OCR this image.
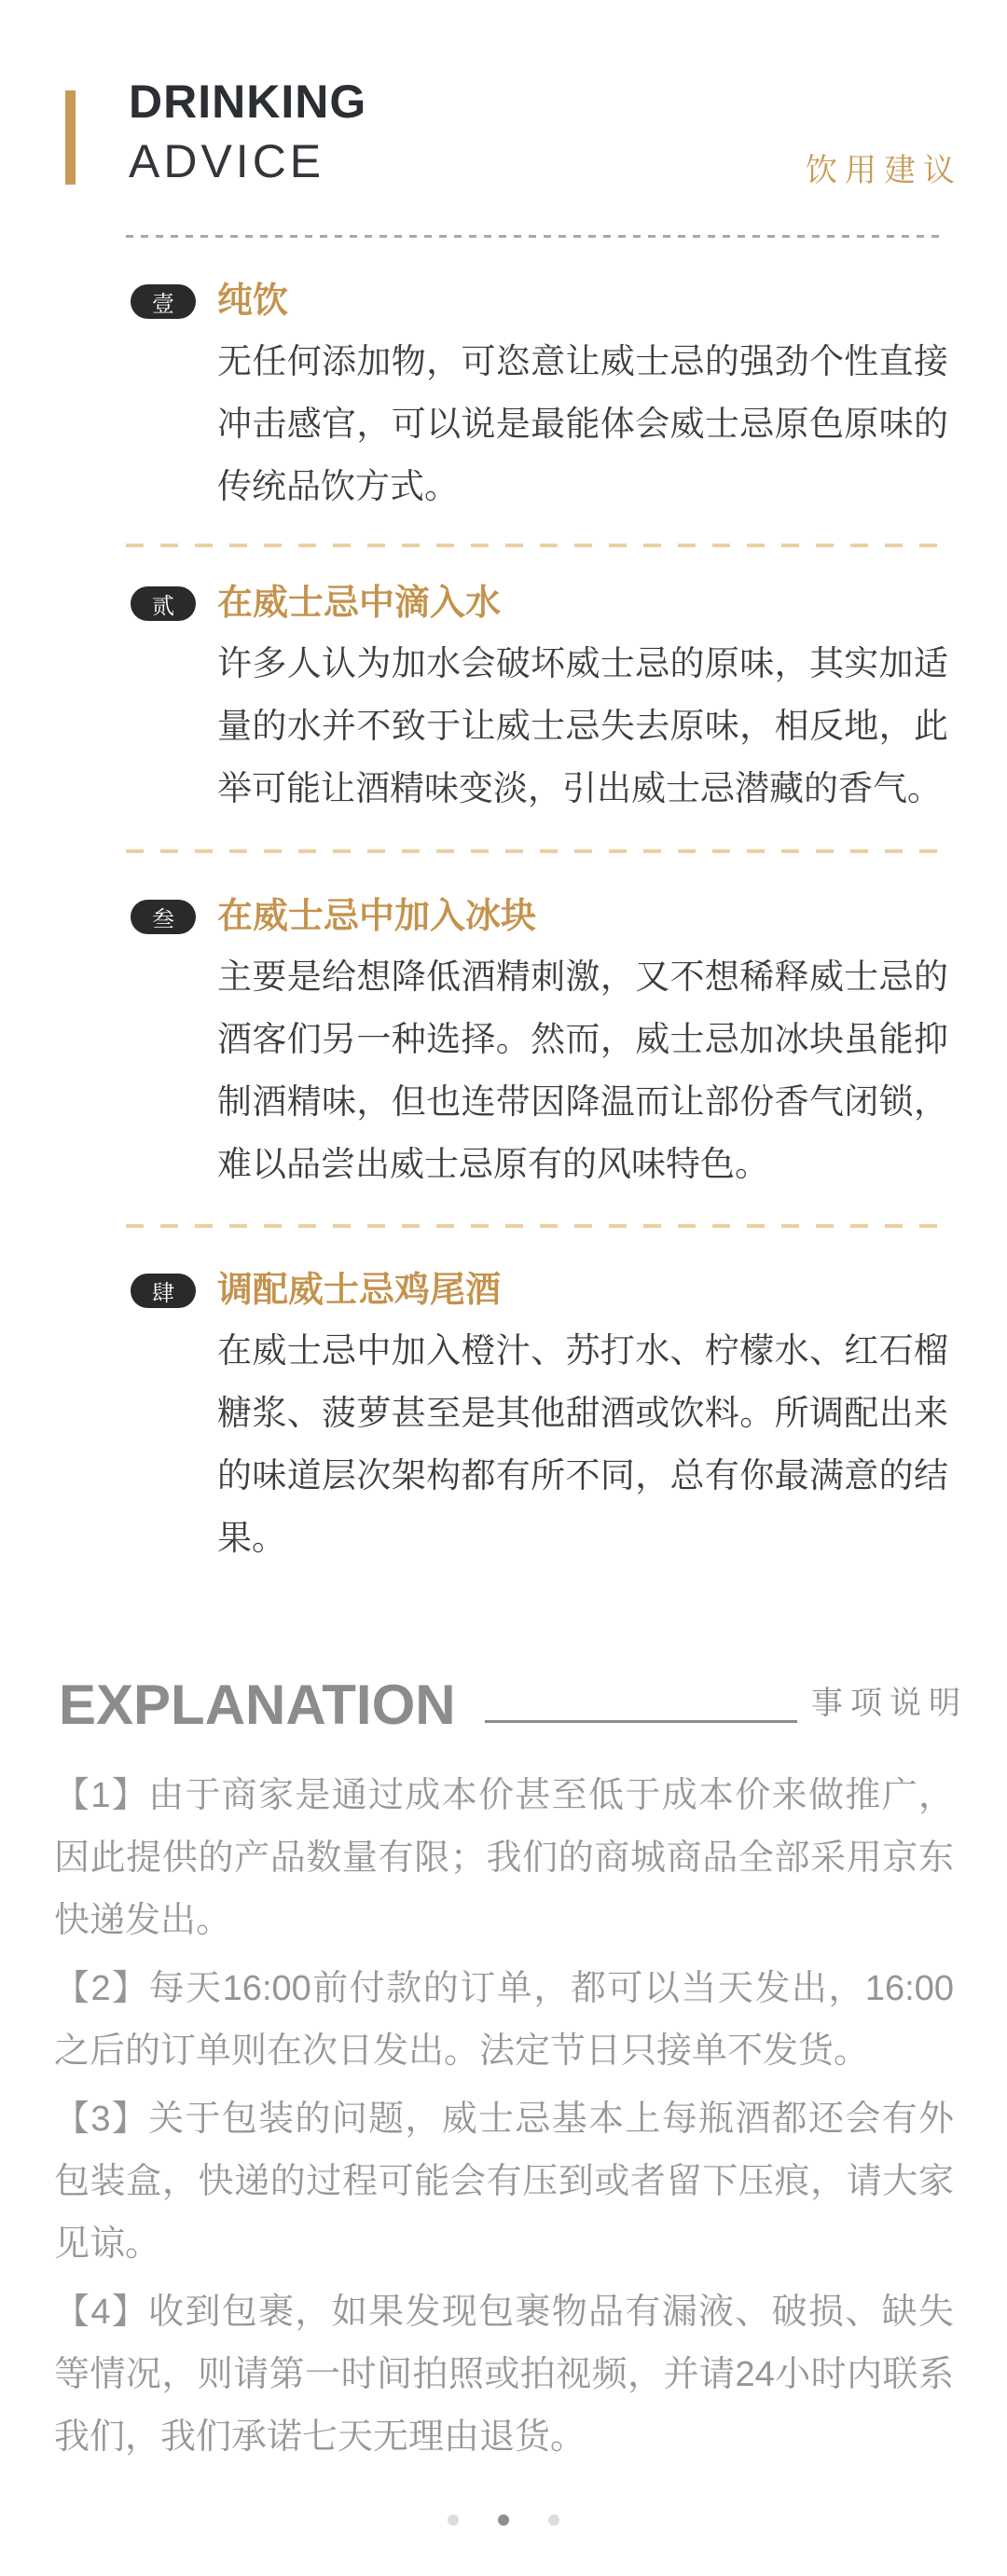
DRINKING
ADVICE	饮用建议
壹	纯饮
无任何添加物，可恣意让威士忌的强劲个性直接冲击感官，可以说是最能体会威士忌原色原味的传统品饮方式。
贰	在威士忌中滴入水
许多人认为加水会破坏威士忌的原味，其实加适量的水并不致于让威士忌失去原味，相反地，此举可能让酒精味变淡，引出威士忌潜藏的香气。
叁	在威士忌中加入冰块
主要是给想降低酒精刺激，又不想稀释威士忌的酒客们另一种选择。然而，威士忌加冰块虽能抑制酒精味，但也连带因降温而让部份香气闭锁，难以品尝出威士忌原有的风味特色。
肆	调配威士忌鸡尾酒
在威士忌中加入橙汁、苏打水、柠檬水、红石榴糖浆、菠萝甚至是其他甜酒或饮料。所调配出来的味道层次架构都有所不同，总有你最满意的结果。
EXPLANATION	事项说明

【1】由于商家是通过成本价甚至低于成本价来做推广，因此提供的产品数量有限；我们的商城商品全部采用京东快递发出。

【2】每天16:00前付款的订单，都可以当天发出，16:00之后的订单则在次日发出。法定节日只接单不发货。

【3】关于包装的问题，威士忌基本上每瓶酒都还会有外包装盒，快递的过程可能会有压到或者留下压痕，请大家见谅。

【4】收到包裹，如果发现包裹物品有漏液、破损、缺失等情况，则请第一时间拍照或拍视频，并请24小时内联系我们，我们承诺七天无理由退货。
